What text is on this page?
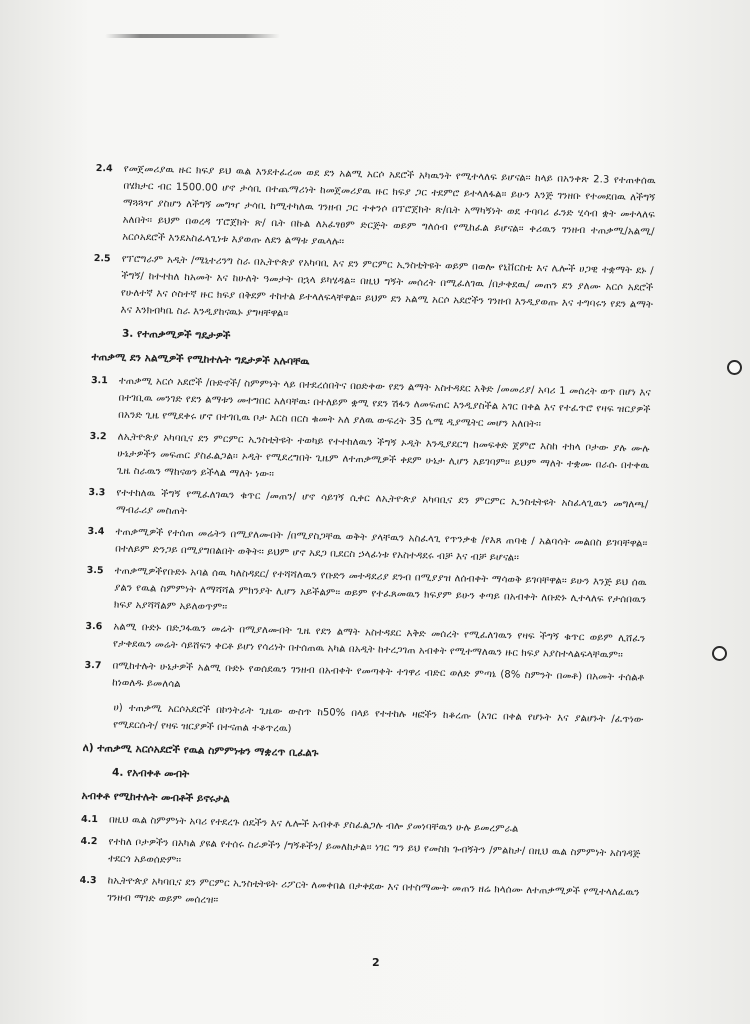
2.4	የመጀመሪያዉ ዙር ክፍያ ይህ ዉል እንደተፈረመ ወደ ደን አልሚ አርሶ አደሮች አካዉንት የሚተላለፍ ይሆናል፡፡ ከላይ በአንቀጽ 2.3 የተጠቀሰዉ በሄክታር ብር 1500.00 ሆኖ ታሳቢ በተጨማሪነት ከመጀመሪያዉ ዙር ክፍያ ጋር ተደምሮ ይተላለፋል፡፡ ይሁን እንጅ ገንዘቡ የተመደበዉ ለችግኝ ማጓጓዣ ያስሆን ለችግኝ መግዣ ታሳቢ ከሚተካለዉ ገንዘብ ጋር ተቀንሶ በፕሮጀክት ጽ/ቤት አማካኝነት ወደ ተባባሪ ፈንድ ሂሳብ ቋት መተላለፍ አለበት፡፡ ይህም በወረዳ ፕሮጀክት ጽ/ ቤት በኩል ለአፈፃፀም ድርጅት ወይም ግለሰብ የሚከፈል ይሆናል፡፡ ቀሪዉን ገንዘብ ተጠቃሚ/አልሚ/ አርሶአደሮች እንደአስፈላጊነቱ እያወጡ ለደን ልማቱ ያዉላሉ፡፡
2.5	የፕሮግራም አዲት /ሜኒተሪንግ ስራ በኢትዮጵያ የአካባቢ እና ደን ምርምር ኢንስቲትዩት ወይም በወሎ የኒቨርስቲ እና ሌሎች ሀጋዊ ተቋማት ደኑ /ችግኝ/ ከተተከለ ከአመት እና ከሁለት ዓመታት በኋላ ይካሄዳል፡፡ በዚህ ግኝት መሰረት በሚፈለገዉ /በታቀደዉ/ መጠን ደን ያለሙ አርሶ አደሮች የሁለተኛ እና ሶስተኛ ዙር ክፍያ በቅደም ተከተል ይተላለፍላቸዋል፡፡ ይህም ደን አልሚ አርሶ አደሮችን ገንዘብ እንዲያወጡ እና ተግባሩን የደን ልማት እና እንክብካቤ ስራ እንዲያከናዉኑ ያግዛቸዋል፡፡
3. የተጠቃሚዎች ግዴታዎች
ተጠቃሚ ደን አልሚዎች የሚከተሉት ግዴታዎች አሉባቸዉ
3.1	ተጠቃሚ አርሶ አደሮች /ቡድኖች/ ስምምነት ላይ በተደረሰበትና በዐድቀው የደን ልማት አስተዳደር እቅድ /መመሪያ/ አባሪ 1 መሰረት ወጥ በሆነ እና በተገቢዉ መንገድ የደን ልማቱን መተግበር አለባቸዉ፡ በተለይም ቋሚ የደን ሽፋን ለመፍጠር እንዲያስችል አገር በቀል እና የተፈጥሮ የዛፍ ዝርያዎች በአንድ ጊዜ የሚደቀሩ ሆኖ በተገቢዉ ቦታ እርስ በርስ ቁመት አለ ያለዉ ውፍረት 35 ሴሜ ዲያሜትር መሆን አለበት፡፡
3.2	ለኢትዮጵያ አካባቢና ደን ምርምር ኢንስቲትዩት ተወካይ የተተከለዉን ችግኝ ኦዲት እንዲያደርግ ከመፍቀድ ጀምሮ እስከ ተክላ ቦታው ያሉ ሙሉ ሁኔታዎችን መፍጠር ያስፈልጋል፡፡ ኦዲት የሚደረግበት ጊዜም ለተጠቃሚዎች ቀደም ሁኔታ ሊሆን አይገባም፡፡ ይህም ማለት ተቋሙ በራሱ በተቀዉ ጊዜ ስራዉን ማከናወን ይችላል ማለት ነው፡፡
3.3	የተተከለዉ ችግኝ የሚፈለገዉን ቁጥር /መጠን/ ሆኖ ሳይገኝ ሲቀር ለኢትዮጵያ አካባቢና ደን ምርምር ኢንስቲትዩት አስፈላጊዉን መግለጫ/ማብራሪያ መስጠት
3.4	ተጠቃሚዎች የተሰጠ መሬትን በሚያለሙበት /በሚያስጋቸዉ ወቅት ያላቸዉን አስፈላጊ የጥንቃቄ /የእጸ ጠባቂ / አልባሳት መልበስ ይገባቸዋል፡፡ በተለይም ድንጋይ በሚያግበልበት ወቅት፡፡ ይህም ሆኖ አደጋ ቢደርስ ኃላፊነቱ የአስተዳደሩ ብቻ እና ብቻ ይሆናል፡፡
3.5	ተጠቃሚዎችየቡድኑ አባል ሰዉ ካለስዳደር/ የተሻሻለዉን የቡድን መተዳደሪያ ደንብ በሚያያዝ ለሰብቀት ማሳወቅ ይገባቸዋል፡፡ ይሁን እንጅ ይህ ሰዉ ያልን የዉል ስምምነት ለማሻሻል ምክንያት ሊሆን አይችልም፡፡ ወይም የተፈጸመዉን ክፍያም ይሁን ቀጣይ በአብቀት ለቡድኑ ሊተላለፍ የታሰበዉን ክፍያ አያሻሻልም አይለወጥም፡፡
3.6	አልሚ ቡድኑ በድጋፋዉን መሬት በሚያለሙበት ጊዜ የደን ልማት አስተዳደር እቅድ መሰረት የሚፈለገዉን የዛፍ ችግኝ ቁጥር ወይም ሊሸፈን የታቀደዉን መሬት ሳይሸፍን ቀርቶ ይሆነ የሳሪነት በተሰጠዉ አካል በአዲት ከተረጋገጠ አብቀት የሚተማለዉን ዙር ክፍያ አያስተላልፍላቸዉም፡፡
3.7	በሚከተሉት ሁኔታዎች አልሚ ቡድኑ የወሰደዉን ገንዘብ በአብቀት የመጣቀት ተገዋሪ ብድር ወለድ ምጣኔ (8% ስምንት በመቶ) በአመት ተሰልቶ ከነወለዱ ይመለሳል
ሀ) ተጠቃሚ አርሶአደሮች በኮንትራት ጊዜው ውስጥ ከ50% በላይ የተተከሉ ዛፎችን ከቆረጡ (አገር በቀል የሆኑት እና ያልሆኑት /ፈጥነው የሚደርሱት/ የዛፍ ዝርያዎች በተናጠል ተቆጥረዉ)
ለ) ተጠቃሚ አርሶአደሮች የዉል ስምምነቱን ማቋረጥ ቢፈልጉ
4. የአብቀቶ መብት
አብቀቶ የሚከተሉት መብቶች ይኖሩታል
4.1	በዚህ ዉል ስምምነት አባሪ የተደረጉ ሰዴችን እና ሌሎች አብቀቶ ያስፈልጋሉ ብሎ ያመነባቸዉን ሁሉ ይመረምራል
4.2	የተከለ ቦታዎችን በአካል ያዩል የተሰሩ ስራዎችን /ግኝቶችን/ ይመለከታል፡፡ ነገር ግን ይህ የመስክ ጉብኝትን /ምልከታ/ በዚህ ዉል ስምምነት አስገዳጅ ተደርጎ አይወሰድም፡፡
4.3	ከኢትዮጵያ አካባቢና ደን ምርምር ኢንስቲትዩት ሪፖርት ለመቀበል በታቀደው እና በተስማሙት መጠን ዘሬ ክላሰሙ ለተጠቃሚዎች የሚተላለፈዉን ገንዘብ ማገድ ወይም መሰረዝ፡፡
2
